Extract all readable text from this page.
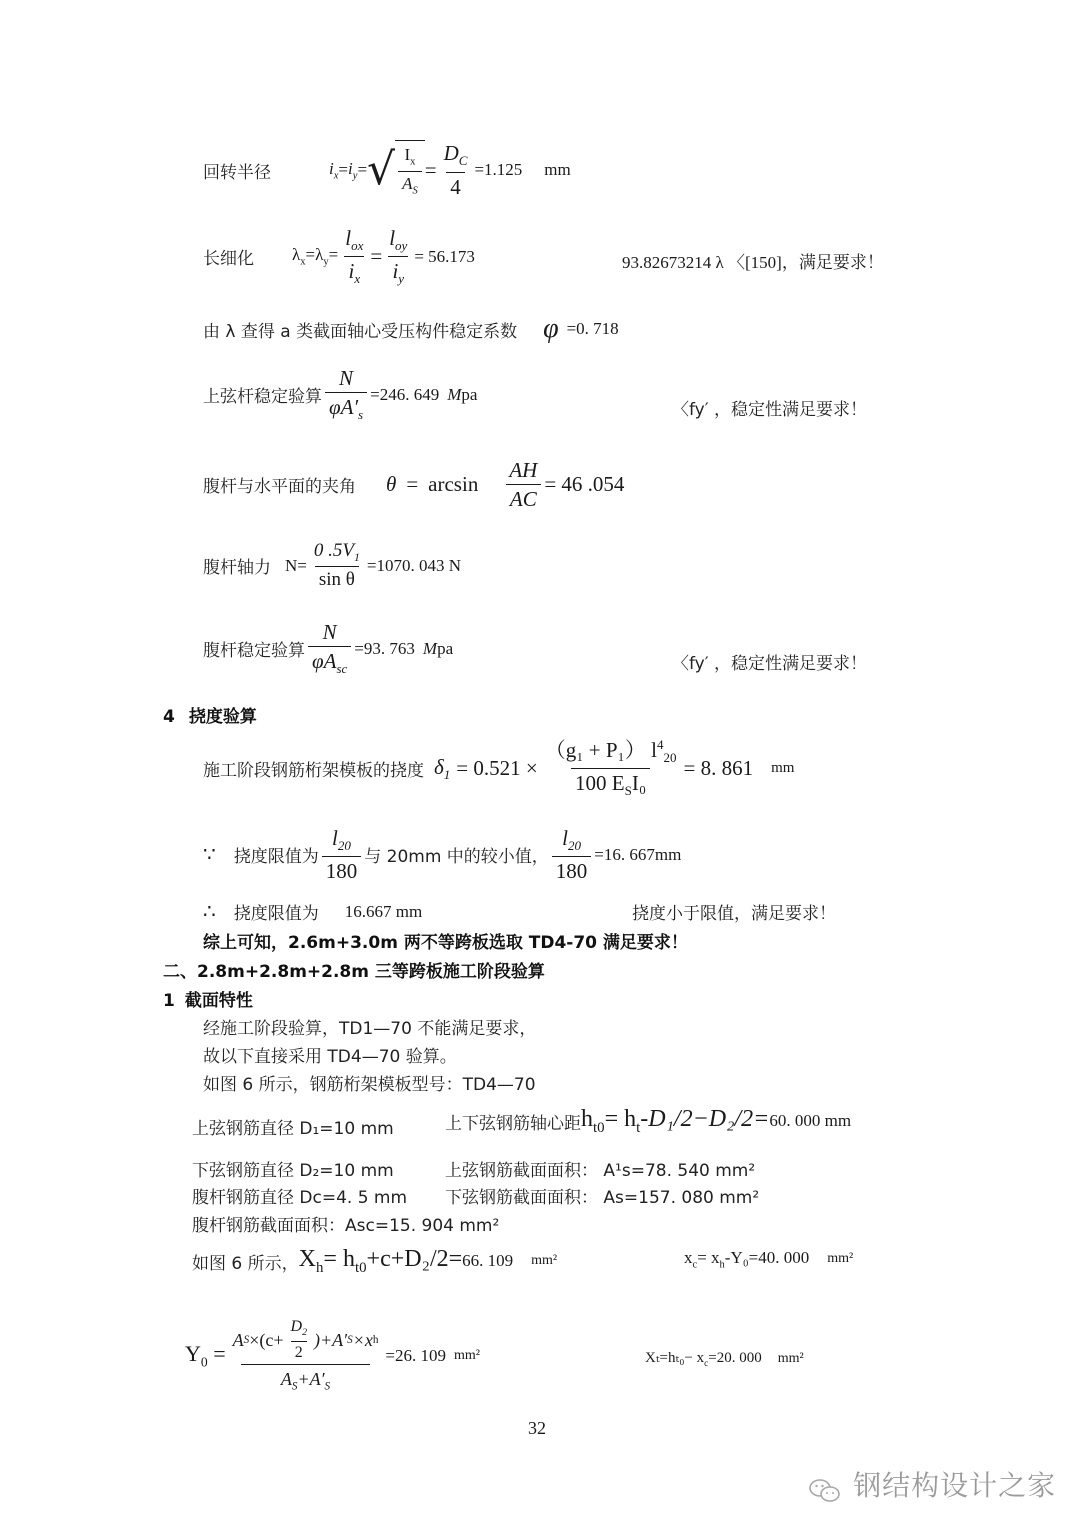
回转半径	$i_x = i_y$ = √ $\frac{I_x}{A_S} = \frac{D_C}{4} =1.125$ mm
长细化 $\lambda_x= \lambda_y= \frac{l_{ox}}{i_x} = \frac{l_{oy}}{i_y} = 56.173$	93.82673214 λ 〈[150]，满足要求！
由 λ 查得 a 类截面轴心受压构件稳定系数 φ =0. 718
上弦杆稳定验算 $\frac{N}{\varphi A'_s} =246$. 649 Mpa
〈fy′ ，稳定性满足要求！
腹杆与水平面的夹角 $\theta = \arcsin \frac{AH}{AC} = 46$ .054
腹杆轴力 $N= \frac{0 .5V_1}{\text{sin θ}} =1070$. 043 N
腹杆稳定验算 $\frac{N}{\varphi A_{sc}} =93$. 763 Mpa
〈fy′ ，稳定性满足要求！
4 挠度验算
施工阶段钢筋桁架模板的挠度 $\delta_1 = 0.521 \times \frac{(g_1 + P_1) l^4_{20}}{100 E_SI_0} = 8$. 861 mm
∵ 挠度限值为 $\frac{l_{20}}{180}$ 与 20mm 中的较小值， $\frac{l_{20}}{180} =16$. 667mm
∴ 挠度限值为 16.667 mm	挠度小于限值，满足要求！
综上可知，2.6m+3.0m 两不等跨板选取 TD4-70 满足要求！
二、2.8m+2.8m+2.8m 三等跨板施工阶段验算
1 截面特性
经施工阶段验算，TD1—70 不能满足要求，
故以下直接采用 TD4—70 验算。
如图 6 所示，钢筋桁架模板型号：TD4—70
上弦钢筋直径 D₁=10 mm	上下弦钢筋轴心距 $h_{t0}= h_t-D_1/2-D_2/2= 60$. 000 mm
下弦钢筋直径 D₂=10 mm	上弦钢筋截面面积： A¹s=78. 540 mm²
腹杆钢筋直径 Dc=4. 5 mm 下弦钢筋截面面积： As=157. 080 mm²
腹杆钢筋截面面积：Asc=15. 904 mm²
如图 6 所示， $X_h= h_{t0}+c+D_2/2= 66$. 109 mm²	$x_c= x_h-Y_0=40$. 000 mm²
$Y_0$ =
A $S \times(c+ \frac{D_2}{2} )+A'$ S ×x h
$A_S+A'_S$
=26. 109 mm²	$X_t=h_{t0}- x_c=20$. 000 mm²
32
钢结构设计之家
